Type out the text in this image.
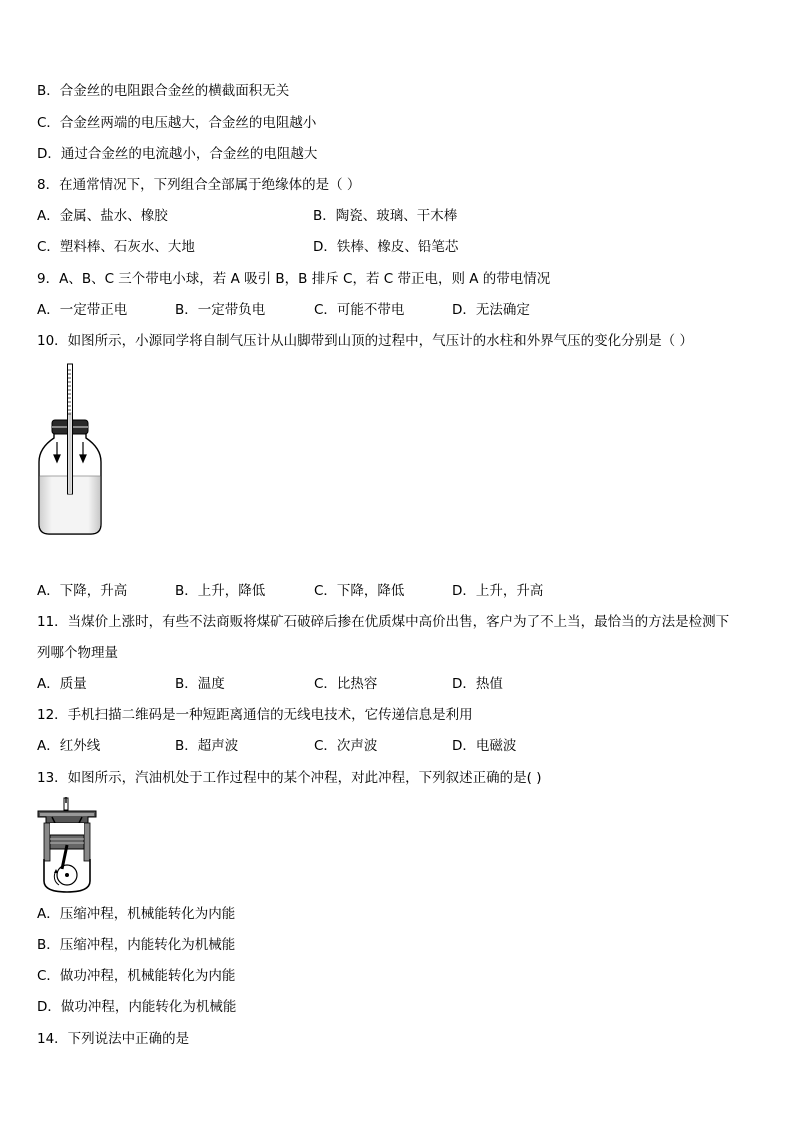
B．合金丝的电阻跟合金丝的横截面积无关
C．合金丝两端的电压越大，合金丝的电阻越小
D．通过合金丝的电流越小，合金丝的电阻越大
8．在通常情况下，下列组合全部属于绝缘体的是（ ）
A．金属、盐水、橡胶	B．陶瓷、玻璃、干木棒
C．塑料棒、石灰水、大地	D．铁棒、橡皮、铅笔芯
9．A、B、C 三个带电小球，若 A 吸引 B，B 排斥 C，若 C 带正电，则 A 的带电情况
A．一定带正电	B．一定带负电	C．可能不带电	D．无法确定
10．如图所示，小源同学将自制气压计从山脚带到山顶的过程中，气压计的水柱和外界气压的变化分别是（ ）
A．下降，升高	B．上升，降低	C．下降，降低	D．上升，升高
11．当煤价上涨时，有些不法商贩将煤矿石破碎后掺在优质煤中高价出售，客户为了不上当，最恰当的方法是检测下
列哪个物理量
A．质量	B．温度	C．比热容	D．热值
12．手机扫描二维码是一种短距离通信的无线电技术，它传递信息是利用
A．红外线	B．超声波	C．次声波	D．电磁波
13．如图所示，汽油机处于工作过程中的某个冲程，对此冲程，下列叙述正确的是( )
A．压缩冲程，机械能转化为内能
B．压缩冲程，内能转化为机械能
C．做功冲程，机械能转化为内能
D．做功冲程，内能转化为机械能
14．下列说法中正确的是
